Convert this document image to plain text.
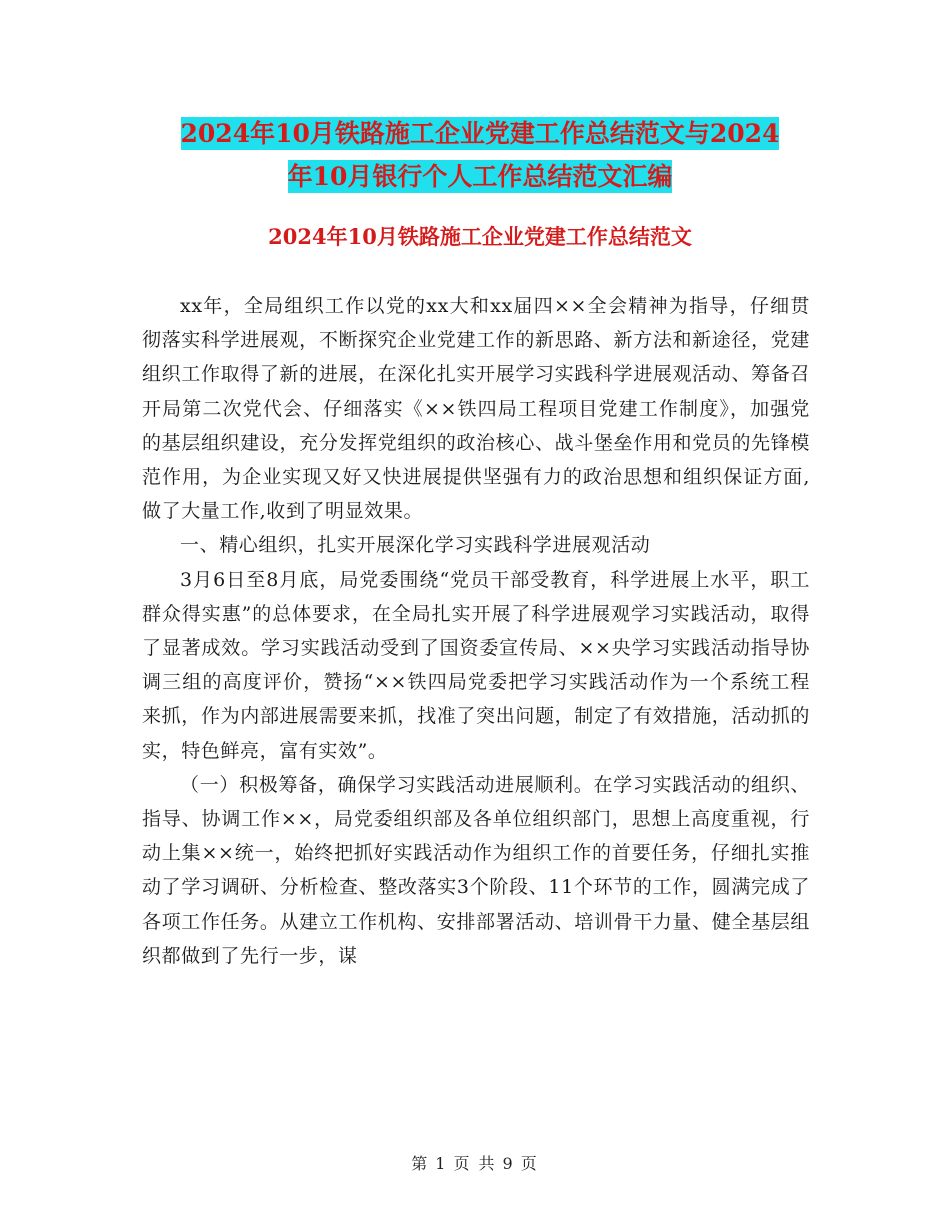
2024年10月铁路施工企业党建工作总结范文与2024
年10月银行个人工作总结范文汇编
2024年10月铁路施工企业党建工作总结范文

xx年，全局组织工作以党的xx大和xx届四××全会精神为指导，仔细贯彻落实科学进展观，不断探究企业党建工作的新思路、新方法和新途径，党建组织工作取得了新的进展，在深化扎实开展学习实践科学进展观活动、筹备召开局第二次党代会、仔细落实《××铁四局工程项目党建工作制度》，加强党的基层组织建设，充分发挥党组织的政治核心、战斗堡垒作用和党员的先锋模范作用，为企业实现又好又快进展提供坚强有力的政治思想和组织保证方面,做了大量工作,收到了明显效果。

一、精心组织，扎实开展深化学习实践科学进展观活动

3月6日至8月底，局党委围绕“党员干部受教育，科学进展上水平，职工群众得实惠”的总体要求，在全局扎实开展了科学进展观学习实践活动，取得了显著成效。学习实践活动受到了国资委宣传局、××央学习实践活动指导协调三组的高度评价，赞扬“××铁四局党委把学习实践活动作为一个系统工程来抓，作为内部进展需要来抓，找准了突出问题，制定了有效措施，活动抓的实，特色鲜亮，富有实效”。

（一）积极筹备，确保学习实践活动进展顺利。在学习实践活动的组织、指导、协调工作××，局党委组织部及各单位组织部门，思想上高度重视，行动上集××统一，始终把抓好实践活动作为组织工作的首要任务，仔细扎实推动了学习调研、分析检查、整改落实3个阶段、11个环节的工作，圆满完成了各项工作任务。从建立工作机构、安排部署活动、培训骨干力量、健全基层组织都做到了先行一步，谋

第 1 页 共 9 页
